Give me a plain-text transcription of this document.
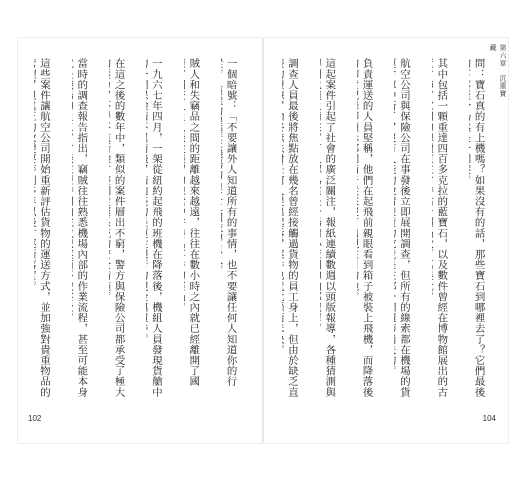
一個暗號：「不要讓外人知道所有的事情，也不要讓任何人知道你的行

賊人和失竊品之間的距離越來越遠，往往在數小時之內就已經離開了國

一九六七年四月，一架從紐約起飛的班機在降落後，機組人員發現貨艙中

在這之後的數年中，類似的案件層出不窮，警方與保險公司都承受了極大

當時的調查報告指出，竊賊往往熟悉機場內部的作業流程，甚至可能本身

這些案件讓航空公司開始重新評估貨物的運送方式，並加強對貴重物品的

102
第六章　沉重寶藏

問：寶石真的有上機嗎？如果沒有的話，那些寶石到哪裡去了？它們最後

其中包括一顆重達四百多克拉的藍寶石，以及數件曾經在博物館展出的古

航空公司與保險公司在事發後立即展開調查，但所有的線索都在機場的貨

負責運送的人員堅稱，他們在起飛前親眼看到箱子被裝上飛機，而降落後

這起案件引起了社會的廣泛關注，報紙連續數週以頭版報導，各種猜測與

調查人員最後將焦點放在幾名曾經接觸過貨物的員工身上，但由於缺乏直

104
